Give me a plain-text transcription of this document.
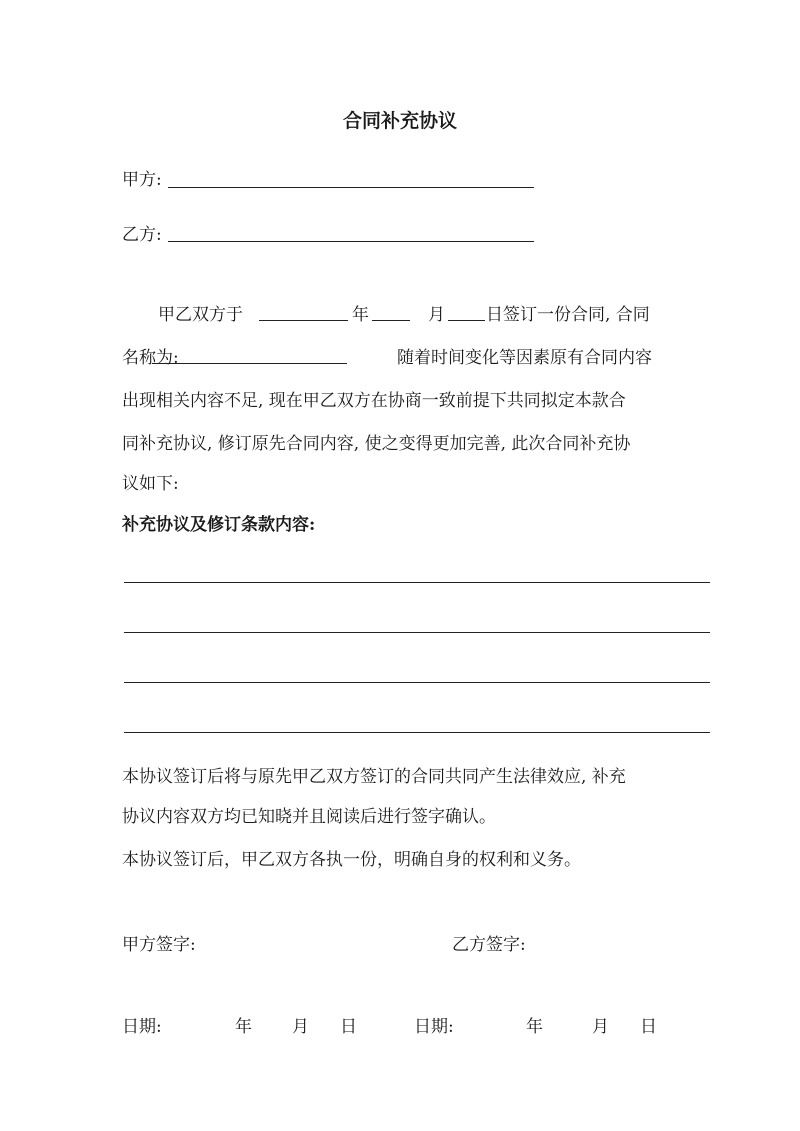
合同补充协议
甲方:
乙方:
甲乙双方于	年	月 日签订一份合同, 合同
名称为:	随着时间变化等因素原有合同内容
出现相关内容不足, 现在甲乙双方在协商一致前提下共同拟定本款合
同补充协议, 修订原先合同内容, 使之变得更加完善, 此次合同补充协
议如下:
补充协议及修订条款内容:
本协议签订后将与原先甲乙双方签订的合同共同产生法律效应, 补充
协议内容双方均已知晓并且阅读后进行签字确认。
本协议签订后，甲乙双方各执一份，明确自身的权利和义务。
甲方签字:	乙方签字:
日期:	年 月 日	日期:	年	月 日
